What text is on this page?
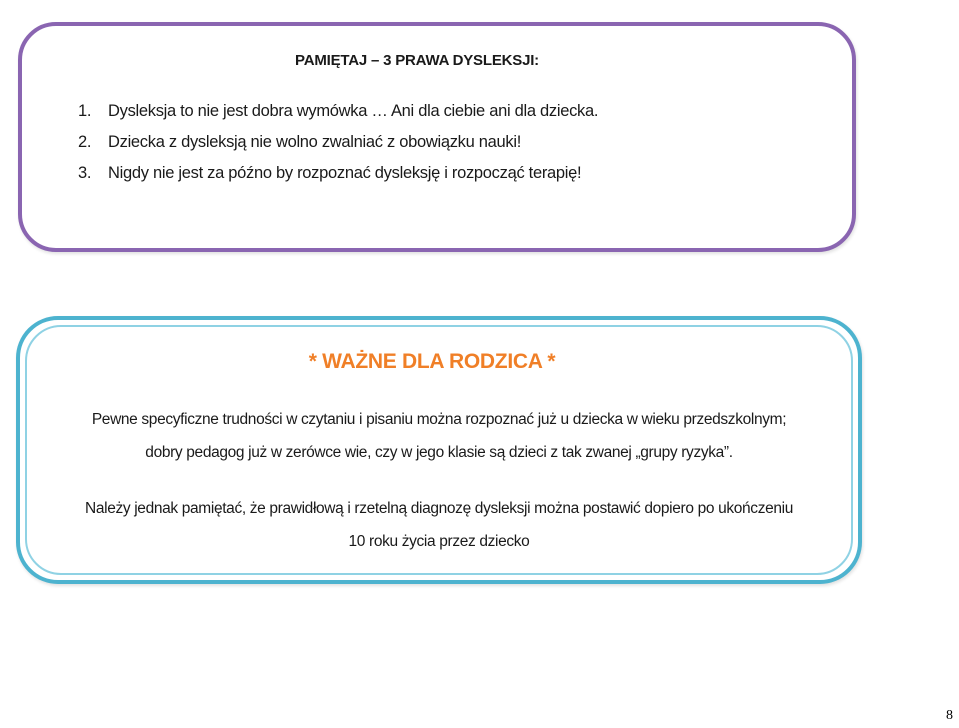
PAMIĘTAJ – 3 PRAWA DYSLEKSJI:
1.	Dysleksja to nie jest dobra wymówka … Ani dla ciebie ani dla dziecka.
2.	Dziecka z dysleksją nie wolno zwalniać z obowiązku nauki!
3.	Nigdy nie jest za późno by rozpoznać dysleksję i rozpocząć terapię!
* WAŻNE DLA RODZICA *

Pewne specyficzne trudności w czytaniu i pisaniu można rozpoznać już u dziecka w wieku przedszkolnym;
dobry pedagog już w zerówce wie, czy w jego klasie są dzieci z tak zwanej „grupy ryzyka”.

Należy jednak pamiętać, że prawidłową i rzetelną diagnozę dysleksji można postawić dopiero po ukończeniu
10 roku życia przez dziecko

8
